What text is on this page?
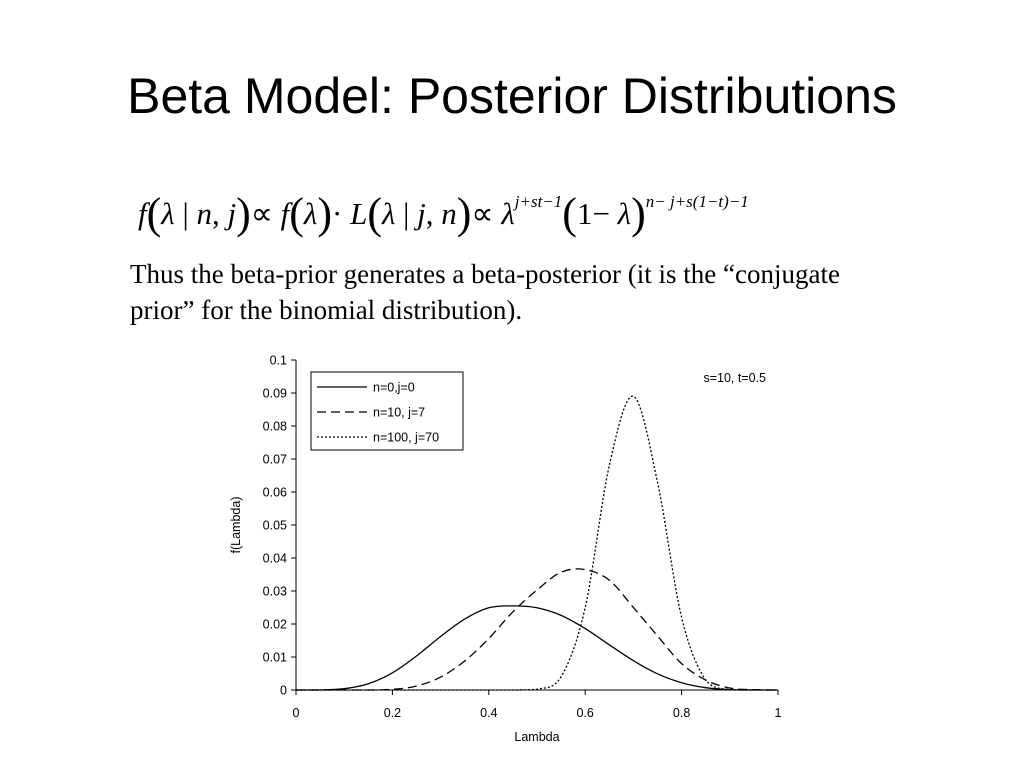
Beta Model: Posterior Distributions
f(λ | n, j)∝ f(λ)· L(λ | j, $n)\propto \lambda^{j+st-1}(1- \lambda)^{n- j+s(1-t)-1}$
Thus the beta-prior generates a beta-posterior (it is the “conjugate prior” for the binomial distribution).
0
0.01
0.02
0.03
0.04
0.05
0.06
0.07
0.08
0.09
0.1
0	0.2	0.4	0.6	0.8	1
f(Lambda)
Lambda
s=10, t=0.5
n=0,j=0
n=10, j=7
n=100, j=70
